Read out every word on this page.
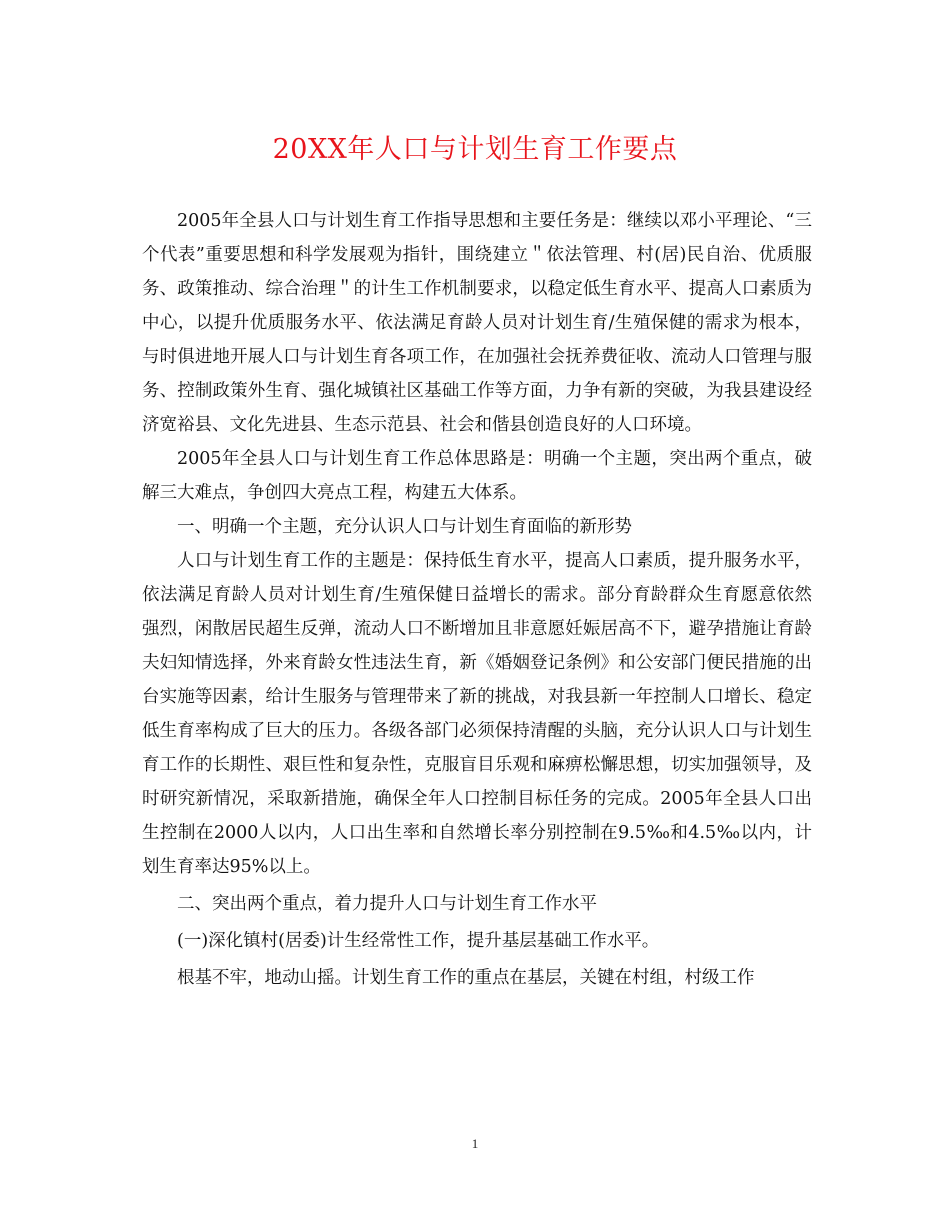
20XX年人口与计划生育工作要点

2005年全县人口与计划生育工作指导思想和主要任务是：继续以邓小平理论、“三个代表”重要思想和科学发展观为指针，围绕建立＂依法管理、村(居)民自治、优质服务、政策推动、综合治理＂的计生工作机制要求，以稳定低生育水平、提高人口素质为中心，以提升优质服务水平、依法满足育龄人员对计划生育/生殖保健的需求为根本，与时俱进地开展人口与计划生育各项工作，在加强社会抚养费征收、流动人口管理与服务、控制政策外生育、强化城镇社区基础工作等方面，力争有新的突破，为我县建设经济宽裕县、文化先进县、生态示范县、社会和偕县创造良好的人口环境。

2005年全县人口与计划生育工作总体思路是：明确一个主题，突出两个重点，破解三大难点，争创四大亮点工程，构建五大体系。

一、明确一个主题，充分认识人口与计划生育面临的新形势

人口与计划生育工作的主题是：保持低生育水平，提高人口素质，提升服务水平，依法满足育龄人员对计划生育/生殖保健日益增长的需求。部分育龄群众生育愿意依然强烈，闲散居民超生反弹，流动人口不断增加且非意愿妊娠居高不下，避孕措施让育龄夫妇知情选择，外来育龄女性违法生育，新《婚姻登记条例》和公安部门便民措施的出台实施等因素，给计生服务与管理带来了新的挑战，对我县新一年控制人口增长、稳定低生育率构成了巨大的压力。各级各部门必须保持清醒的头脑，充分认识人口与计划生育工作的长期性、艰巨性和复杂性，克服盲目乐观和麻痹松懈思想，切实加强领导，及时研究新情况，采取新措施，确保全年人口控制目标任务的完成。2005年全县人口出生控制在2000人以内，人口出生率和自然增长率分别控制在9.5‰和4.5‰以内，计划生育率达95%以上。

二、突出两个重点，着力提升人口与计划生育工作水平

(一)深化镇村(居委)计生经常性工作，提升基层基础工作水平。

根基不牢，地动山摇。计划生育工作的重点在基层，关键在村组，村级工作

1
